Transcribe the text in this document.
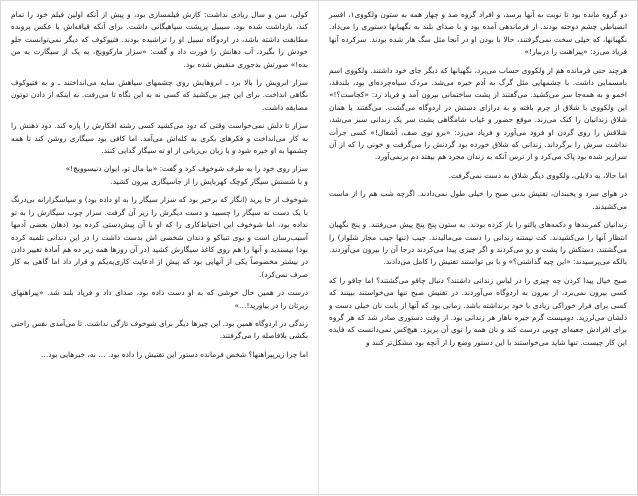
کولی، سن و سال زیادی نداشت: کارش فیلمسازی بود، و پیش از آنکه اولین فیلم خود را تمام کند، بازداشت شده بود. سیبیل پرپشت سپاهیگانی داشت. برای آنکه قیافه‌اش با عکس پرونده مطابقت داشته باشد، در اردوگاه سبیل او را تراشیده بودند. فتیوکوف که دیگر نمی‌توانست جلو خودش را بگیرد، آب دهانش را فورت داد و گفت: «سزار مارکوویچ، یه پک از سیگارت به من بده!» صورتش بدجوری منقبض شده بود.

سزار ابرویش را بالا برد ـ ابروهایش روی چشمهای سیاهش سایه می‌انداختند ـ و به فتیوکوف نگاهی انداخت. برای این چیز بی‌کشید که کسی نه به این نگاه تا می‌رفت. نه اینکه از دادن توتون مضایقه داشت.

سزار تا دلش نمی‌خواست وقتی که دود می‌کشید کسی رشته افکارش را پاره کند. دود ذهنش را به کار می‌انداخت و فکرهای بکری به کله‌اش می‌آمد. اما کافی بود سیگاری روشن کند تا همه چشمها به او خیره شود و یا زبان بی‌زبانی از او ته سیگار گدایی کنند.

سزار روی خود را به طرف شوخوف کرد و گفت: «بیا مال تو، ایوان دنیسوویچ!»

و با شستش سیگار کوچک کهربایش را از جاسیگاری بیرون کشید.

شوخوف از جا پرید (انگار که برخبر بود که سزار سیگار را به او داده بود) و سپاسگزارانه بی‌درنگ با یک دست ته سیگار را چسبید و دست دیگرش را زیر آن گرفت. سزار چوب سیگارش را به تو نداده بود، اما شوخوف این احتیاط‌کاری را که او با آن پیش‌دستی کرده بود (دهان بعضی آدمها آسیب‌رسان است و بوی تنباکو و دندان شخصی اش بدست داشت را در این دندانی تلمبه کرده بود) نپسندید و آنها را هم روی کاغذ سیگارش کشید (در آن روزها همه زیر ده هم آمادهٔ تغییر دادن در بیشتر مخصوصاً یکی از آنهایی بود که پیش از ادعایت کاری‌یه‌یکم و قرار داد اما گاهی به کار صرف نمی‌کرد).

درست در همین حال خوشی که به او دست داده بود، صدای داد و فریاد بلند شد. «پیراهنهای زیرتان را در بیاورید!…»

زندگی در اردوگاه همین بود. این چیزها دیگر برای شوخوف تازگی نداشت. تا می‌آمدی نفس راحتی بکشی بلافاصله را می‌گرفتند.

اما چرا زیرپیراهنها؟ شخص فرمانده دستور این تفتیش را داده بود. … نه، خبرهایی بود…

دو گروه مانده بود تا نوبت به آنها برسد، و افراد گروه صد و چهار همه به ستون ولکووی‌۱، افسر انضباطی چشم دوخته بودند. از فرماندهی آمده بود و با صدای بلند به نگهبانها دستوری را می‌داد. نگهبانها، که خیلی سخت نمی‌گرفتند، حالا با بودن او در آنجا مثل سگ هار شده بودند. سرکرده آنها فریاد می‌زد: «پیراهنت را دربیار!»

هرچند حتی فرمانده هم از ولکووی حساب می‌برد، نگهبانها که دیگر جای خود داشتند. ولکووی اسم بامسمایی داشت. با چشمهایی مثل گرگ به آدم خیره می‌شد. مردک سیاه‌چرده‌ای بود، بلندقد، اخمو و به همه‌جا سر می‌کشید. می‌گفتند از پشت ساختمانی بیرون آمد و فریاد زد: «کجاست؟!» این ولکووی با شلاق از چرم بافته و به درازای دستش در اردوگاه می‌گشت. می‌گفتند با همان شلاق زندانیان را کتک می‌زند. موقع حضور و غیاب شامگاهی پشت سر یک زندانی سبز می‌شد، شلاقش را روی گردن او فرود می‌آورد و فریاد می‌زد: «برو توی صف، آشغال!» کسی جرأت نداشت سرش را برگرداند. زندانی که شلاق خورده بود گردنش را می‌گرفت و خونی را که از آن سرازیر شده بود پاک می‌کرد و از ترس آنکه به زندان مجرد هم بیفتد دم برنمی‌آورد.

اما حالا، به دلایلی، ولکووی دیگر شلاق به دست نمی‌گرفت.

در هوای سرد و یخبندان، تفتیش بدنی صبح را خیلی طول نمی‌دادند. اگرچه شب هم را از ماست می‌کشیدند.

زندانیان کمربندها و دکمه‌های پالتو را باز کرده بودند. به ستون پنج پنج پیش می‌رفتند. و پنج نگهبان انتظار آنها را می‌کشیدند. کت نیمتنه زندانی را دست می‌مالیدند. جیب (تنها جیب مجاز شلوار) را می‌گشتند. دستکش را پشت و رو می‌کردند و اگر چیزی پیدا می‌کردند درجا آن را بیرون می‌آوردند. بالکه می‌پرسیدند: «این چیه گذاشتی؟» و با نی تواستند تفتیش را کامل می‌دادند.

صبح خیال پیدا کردن چه چیزی را در لباس زندانی داشتند؟ دنبال چاقو می‌گشتند؟ اما چاقو را که کسی بیرون نمی‌برد، از بیرون به اردوگاه می‌آوردند. در تفتیش صبح تنها می‌خواستند ببینند که کسی برای فرار خوراکی زیادی با خود برنداشته باشد. زمانی بود که آنها از بابت نان خیلی دست و دلشان می‌لرزید. دومیست گرم جیره ناهار هر زندانی بود. از وقت دستوری صادر شد که هر گروه برای افرادش جعبه‌ای چوبی درست کند و نان همه را توی آن بریزد. هیچ‌کس نمی‌دانست که فایده این کار چیست. تنها شاید می‌خواستند با این دستور وضع را از آنچه بود مشکل‌تر کنند و
